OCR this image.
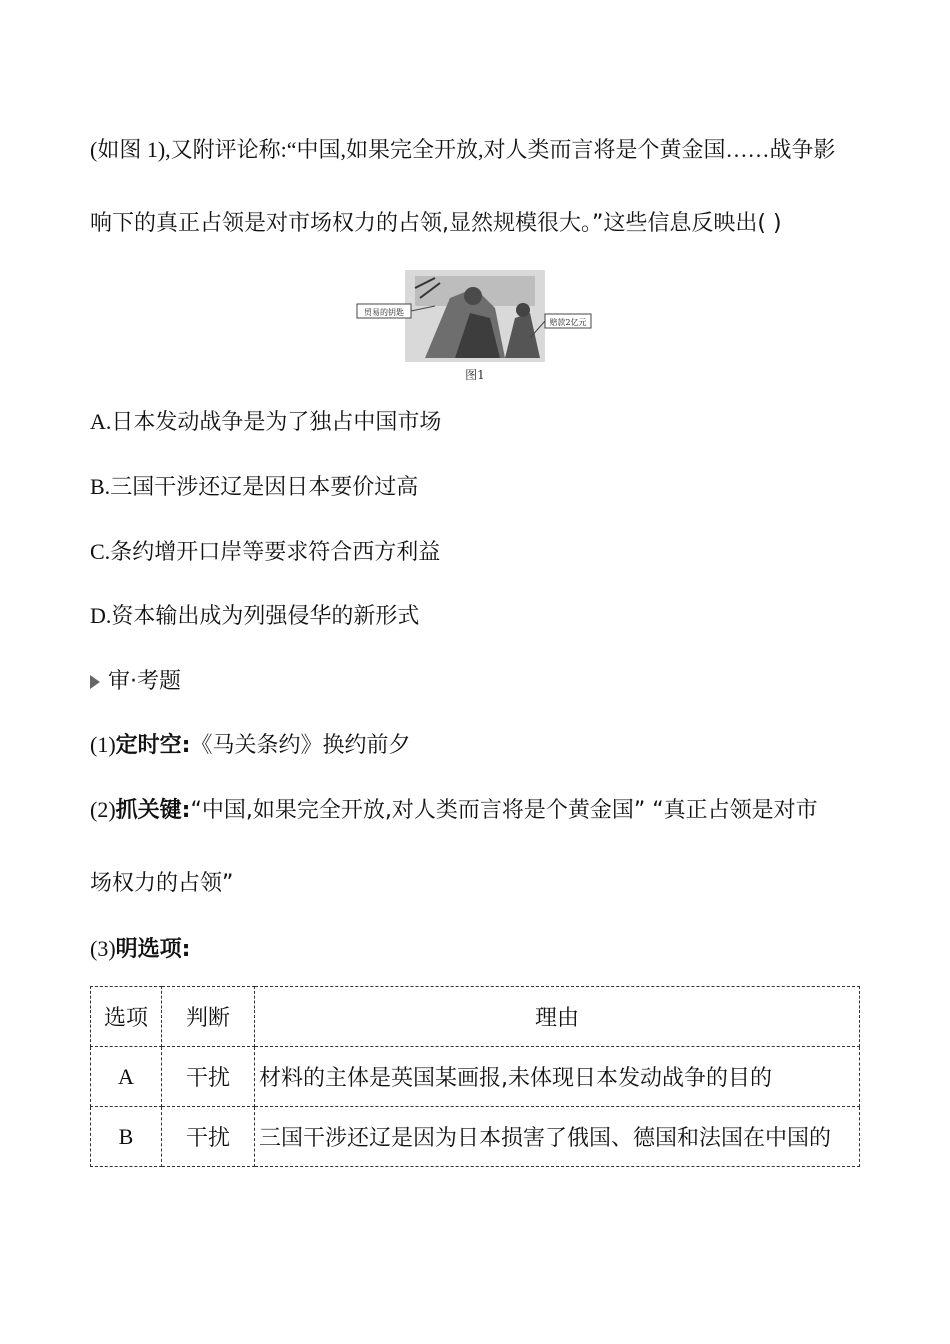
(如图 1),又附评论称:“中国,如果完全开放,对人类而言将是个黄金国……战争影

响下的真正占领是对市场权力的占领,显然规模很大。”这些信息反映出( )

贸易的钥匙
赔款2亿元
图1
A.日本发动战争是为了独占中国市场
B.三国干涉还辽是因日本要价过高
C.条约增开口岸等要求符合西方利益
D.资本输出成为列强侵华的新形式
审·考题
(1)定时空:《马关条约》换约前夕
(2)抓关键:“中国,如果完全开放,对人类而言将是个黄金国” “真正占领是对市
场权力的占领”
(3)明选项:
选项	判断	理由
A	干扰	材料的主体是英国某画报,未体现日本发动战争的目的
B	干扰	三国干涉还辽是因为日本损害了俄国、德国和法国在中国的
